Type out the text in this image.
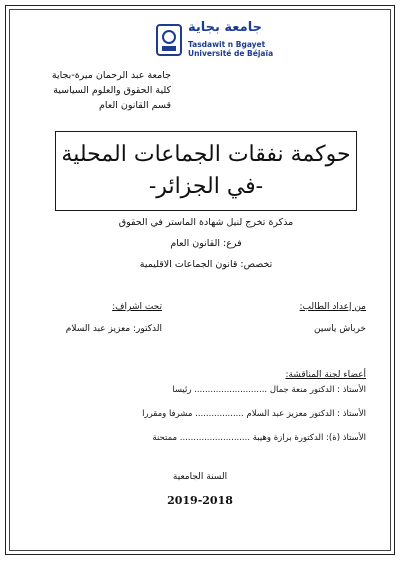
جامعة بجاية
Tasdawit n Bgayet
Université de Béjaïa
جامعة عبد الرحمان ميرة-بجاية
كلية الحقوق والعلوم السياسية
قسم القانون العام
حوكمة نفقات الجماعات المحلية
-في الجزائر-
مذكرة تخرج لنيل شهادة الماستر في الحقوق
فرع: القانون العام
تخصص: قانون الجماعات الاقليمية
من إعداد الطالب:
خرباش ياسين
تحت اشراف:
الدكتور: معزيز عبد السلام
أعضاء لجنة المناقشة:
الأستاذ : الدكتور منعة جمال ........................... رئيسا
الأستاذ : الدكتور معزيز عبد السلام .................. مشرفا ومقررا
الأستاذ (ة): الدكتورة برازة وهيبة .......................... ممتحنة
السنة الجامعية
2019-2018
